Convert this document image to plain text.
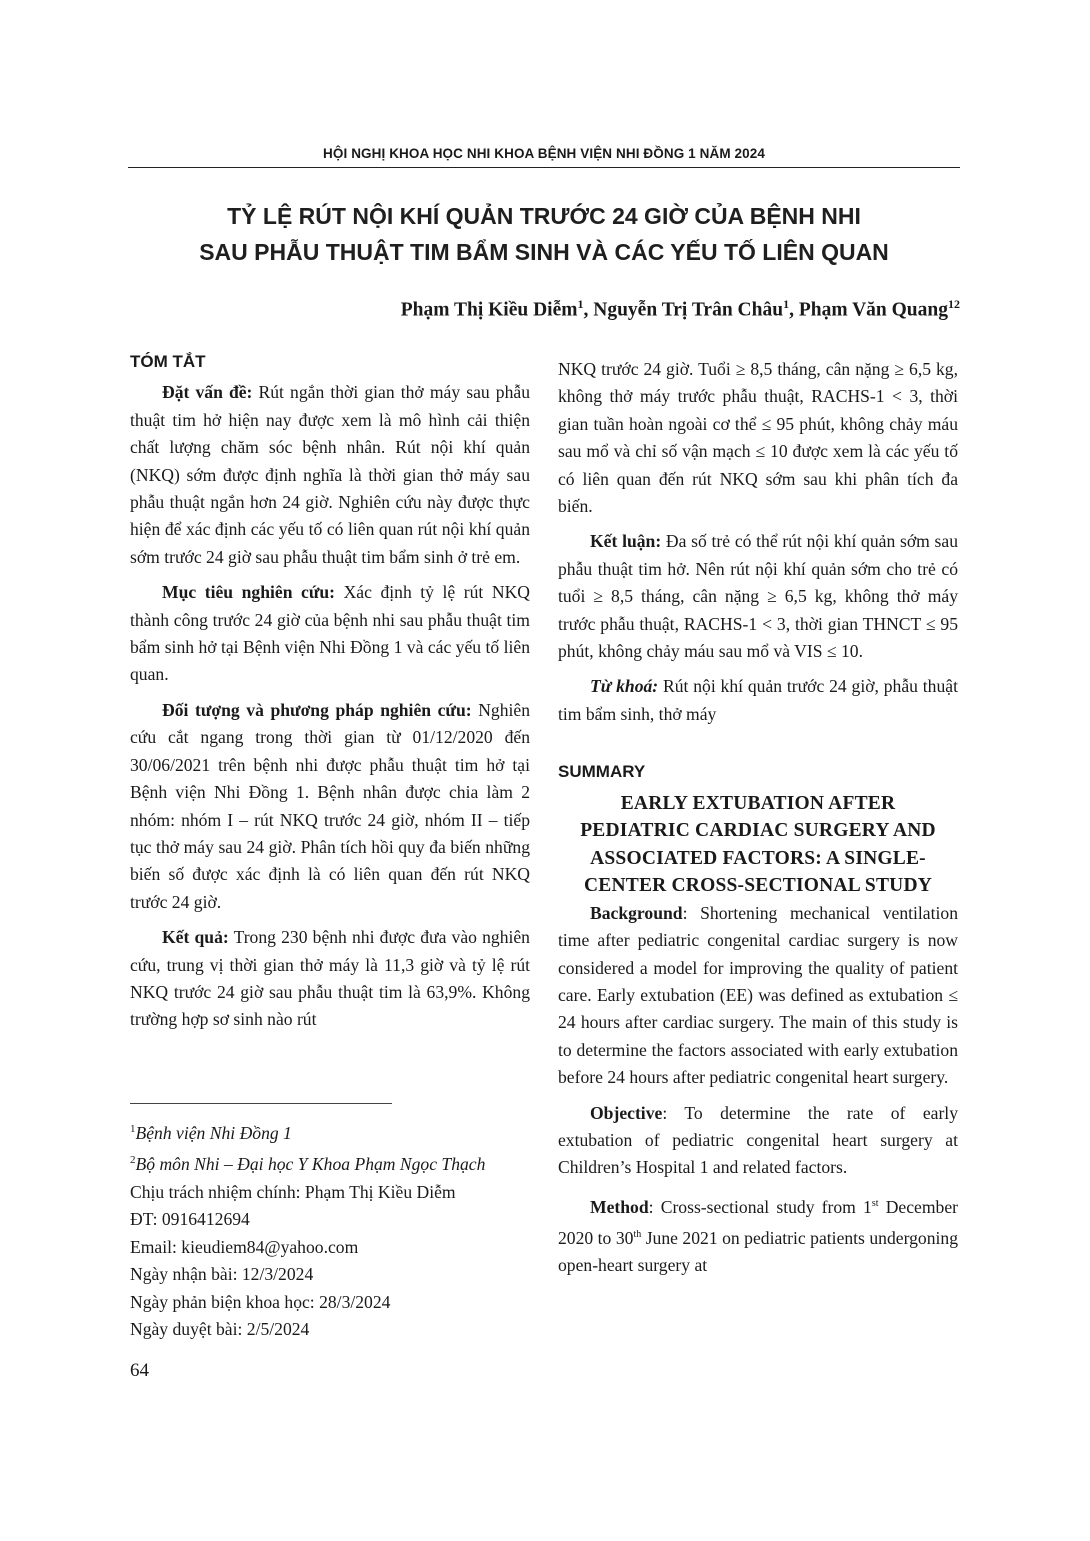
HỘI NGHỊ KHOA HỌC NHI KHOA BỆNH VIỆN NHI ĐỒNG 1 NĂM 2024
TỶ LỆ RÚT NỘI KHÍ QUẢN TRƯỚC 24 GIỜ CỦA BỆNH NHI
SAU PHẪU THUẬT TIM BẨM SINH VÀ CÁC YẾU TỐ LIÊN QUAN
Phạm Thị Kiều Diễm$^1$, Nguyễn Trị Trân Châu$^1$, Phạm Văn Quang$^{12}$
TÓM TẮT

Đặt vấn đề: Rút ngắn thời gian thở máy sau phẫu thuật tim hở hiện nay được xem là mô hình cải thiện chất lượng chăm sóc bệnh nhân. Rút nội khí quản (NKQ) sớm được định nghĩa là thời gian thở máy sau phẫu thuật ngắn hơn 24 giờ. Nghiên cứu này được thực hiện để xác định các yếu tố có liên quan rút nội khí quản sớm trước 24 giờ sau phẫu thuật tim bẩm sinh ở trẻ em.

Mục tiêu nghiên cứu: Xác định tỷ lệ rút NKQ thành công trước 24 giờ của bệnh nhi sau phẫu thuật tim bẩm sinh hở tại Bệnh viện Nhi Đồng 1 và các yếu tố liên quan.

Đối tượng và phương pháp nghiên cứu: Nghiên cứu cắt ngang trong thời gian từ 01/12/2020 đến 30/06/2021 trên bệnh nhi được phẫu thuật tim hở tại Bệnh viện Nhi Đồng 1. Bệnh nhân được chia làm 2 nhóm: nhóm I – rút NKQ trước 24 giờ, nhóm II – tiếp tục thở máy sau 24 giờ. Phân tích hồi quy đa biến những biến số được xác định là có liên quan đến rút NKQ trước 24 giờ.

Kết quả: Trong 230 bệnh nhi được đưa vào nghiên cứu, trung vị thời gian thở máy là 11,3 giờ và tỷ lệ rút NKQ trước 24 giờ sau phẫu thuật tim là 63,9%. Không trường hợp sơ sinh nào rút

$^1$Bệnh viện Nhi Đồng 1
$^2$Bộ môn Nhi – Đại học Y Khoa Phạm Ngọc Thạch
Chịu trách nhiệm chính: Phạm Thị Kiều Diễm
ĐT: 0916412694
Email: kieudiem84@yahoo.com
Ngày nhận bài: 12/3/2024
Ngày phản biện khoa học: 28/3/2024
Ngày duyệt bài: 2/5/2024
64

NKQ trước 24 giờ. Tuổi ≥ 8,5 tháng, cân nặng ≥ 6,5 kg, không thở máy trước phẫu thuật, RACHS-1 < 3, thời gian tuần hoàn ngoài cơ thể ≤ 95 phút, không chảy máu sau mổ và chỉ số vận mạch ≤ 10 được xem là các yếu tố có liên quan đến rút NKQ sớm sau khi phân tích đa biến.

Kết luận: Đa số trẻ có thể rút nội khí quản sớm sau phẫu thuật tim hở. Nên rút nội khí quản sớm cho trẻ có tuổi ≥ 8,5 tháng, cân nặng ≥ 6,5 kg, không thở máy trước phẫu thuật, RACHS-1 < 3, thời gian THNCT ≤ 95 phút, không chảy máu sau mổ và VIS ≤ 10.

Từ khoá: Rút nội khí quản trước 24 giờ, phẫu thuật tim bẩm sinh, thở máy

SUMMARY
EARLY EXTUBATION AFTER
PEDIATRIC CARDIAC SURGERY AND
ASSOCIATED FACTORS: A SINGLE-
CENTER CROSS-SECTIONAL STUDY

Background: Shortening mechanical ventilation time after pediatric congenital cardiac surgery is now considered a model for improving the quality of patient care. Early extubation (EE) was defined as extubation ≤ 24 hours after cardiac surgery. The main of this study is to determine the factors associated with early extubation before 24 hours after pediatric congenital heart surgery.

Objective: To determine the rate of early extubation of pediatric congenital heart surgery at Children’s Hospital 1 and related factors.

Method: Cross-sectional study from 1st December 2020 to 30th June 2021 on pediatric patients undergoning open-heart surgery at
